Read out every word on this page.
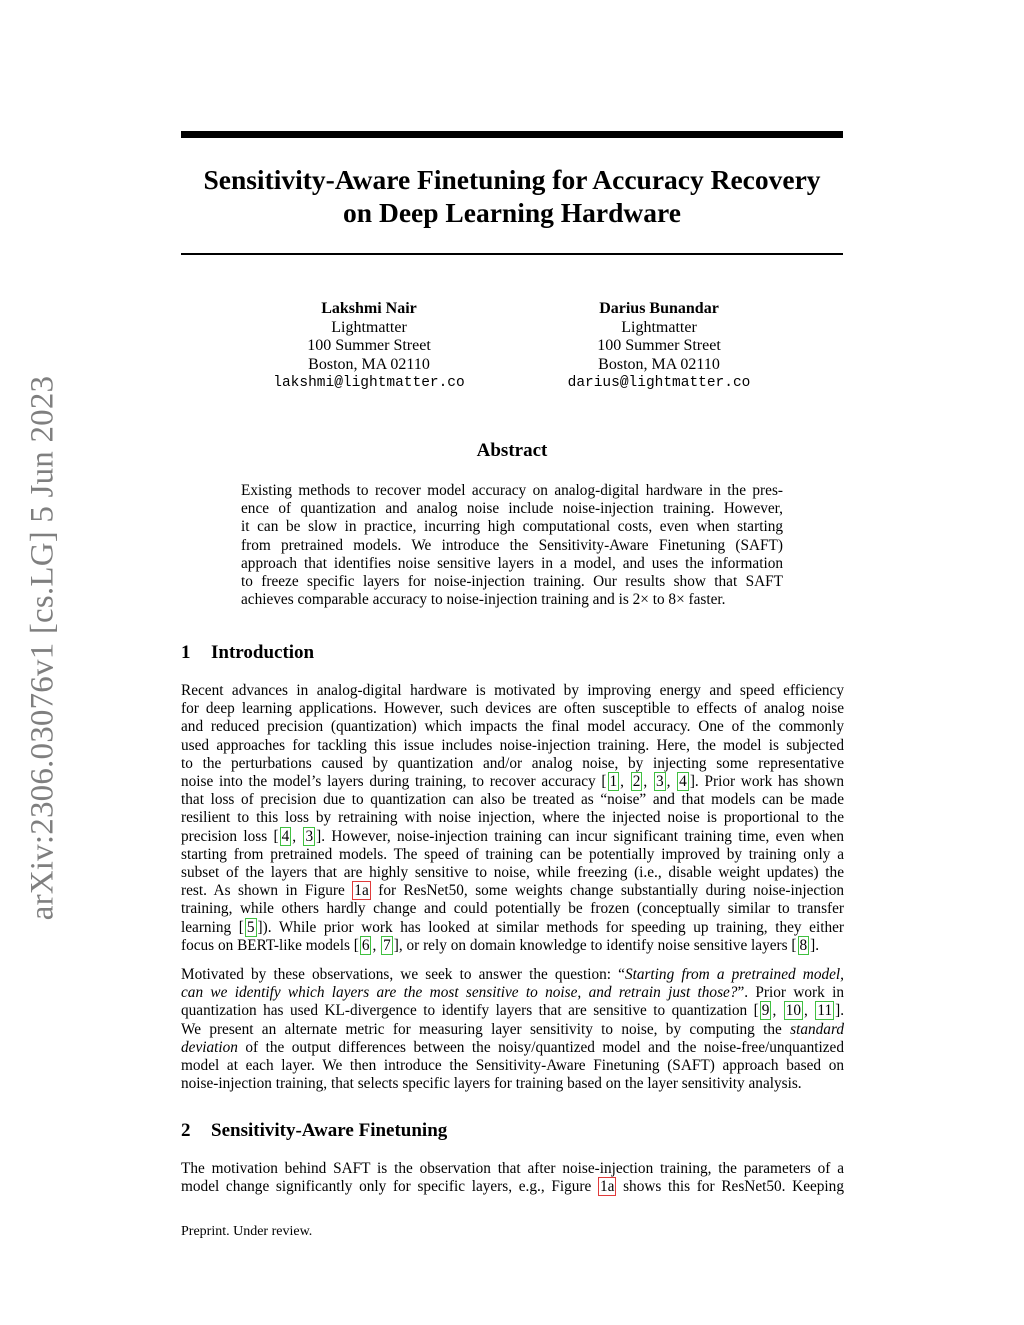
arXiv:2306.03076v1 [cs.LG] 5 Jun 2023
Sensitivity-Aware Finetuning for Accuracy Recovery
on Deep Learning Hardware
Lakshmi Nair
Lightmatter
100 Summer Street
Boston, MA 02110
lakshmi@lightmatter.co
Darius Bunandar
Lightmatter
100 Summer Street
Boston, MA 02110
darius@lightmatter.co
Abstract
Existing methods to recover model accuracy on analog-digital hardware in the pres-
ence of quantization and analog noise include noise-injection training. However,
it can be slow in practice, incurring high computational costs, even when starting
from pretrained models. We introduce the Sensitivity-Aware Finetuning (SAFT)
approach that identifies noise sensitive layers in a model, and uses the information
to freeze specific layers for noise-injection training. Our results show that SAFT
achieves comparable accuracy to noise-injection training and is 2× to 8× faster.
1 Introduction
Recent advances in analog-digital hardware is motivated by improving energy and speed efficiency
for deep learning applications. However, such devices are often susceptible to effects of analog noise
and reduced precision (quantization) which impacts the final model accuracy. One of the commonly
used approaches for tackling this issue includes noise-injection training. Here, the model is subjected
to the perturbations caused by quantization and/or analog noise, by injecting some representative
noise into the model’s layers during training, to recover accuracy [ 1 , 2 , 3 , 4 ]. Prior work has shown
that loss of precision due to quantization can also be treated as “noise” and that models can be made
resilient to this loss by retraining with noise injection, where the injected noise is proportional to the
precision loss [ 4 , 3 ]. However, noise-injection training can incur significant training time, even when
starting from pretrained models. The speed of training can be potentially improved by training only a
subset of the layers that are highly sensitive to noise, while freezing (i.e., disable weight updates) the
rest. As shown in Figure 1a for ResNet50, some weights change substantially during noise-injection
training, while others hardly change and could potentially be frozen (conceptually similar to transfer
learning [ 5 ]). While prior work has looked at similar methods for speeding up training, they either
focus on BERT-like models [ 6 , 7 ], or rely on domain knowledge to identify noise sensitive layers [ 8 ].
Motivated by these observations, we seek to answer the question: “Starting from a pretrained model,
can we identify which layers are the most sensitive to noise, and retrain just those?”. Prior work in
quantization has used KL-divergence to identify layers that are sensitive to quantization [ 9 , 10 , 11 ].
We present an alternate metric for measuring layer sensitivity to noise, by computing the standard
deviation of the output differences between the noisy/quantized model and the noise-free/unquantized
model at each layer. We then introduce the Sensitivity-Aware Finetuning (SAFT) approach based on
noise-injection training, that selects specific layers for training based on the layer sensitivity analysis.
2 Sensitivity-Aware Finetuning
The motivation behind SAFT is the observation that after noise-injection training, the parameters of a
model change significantly only for specific layers, e.g., Figure 1a shows this for ResNet50. Keeping
Preprint. Under review.
